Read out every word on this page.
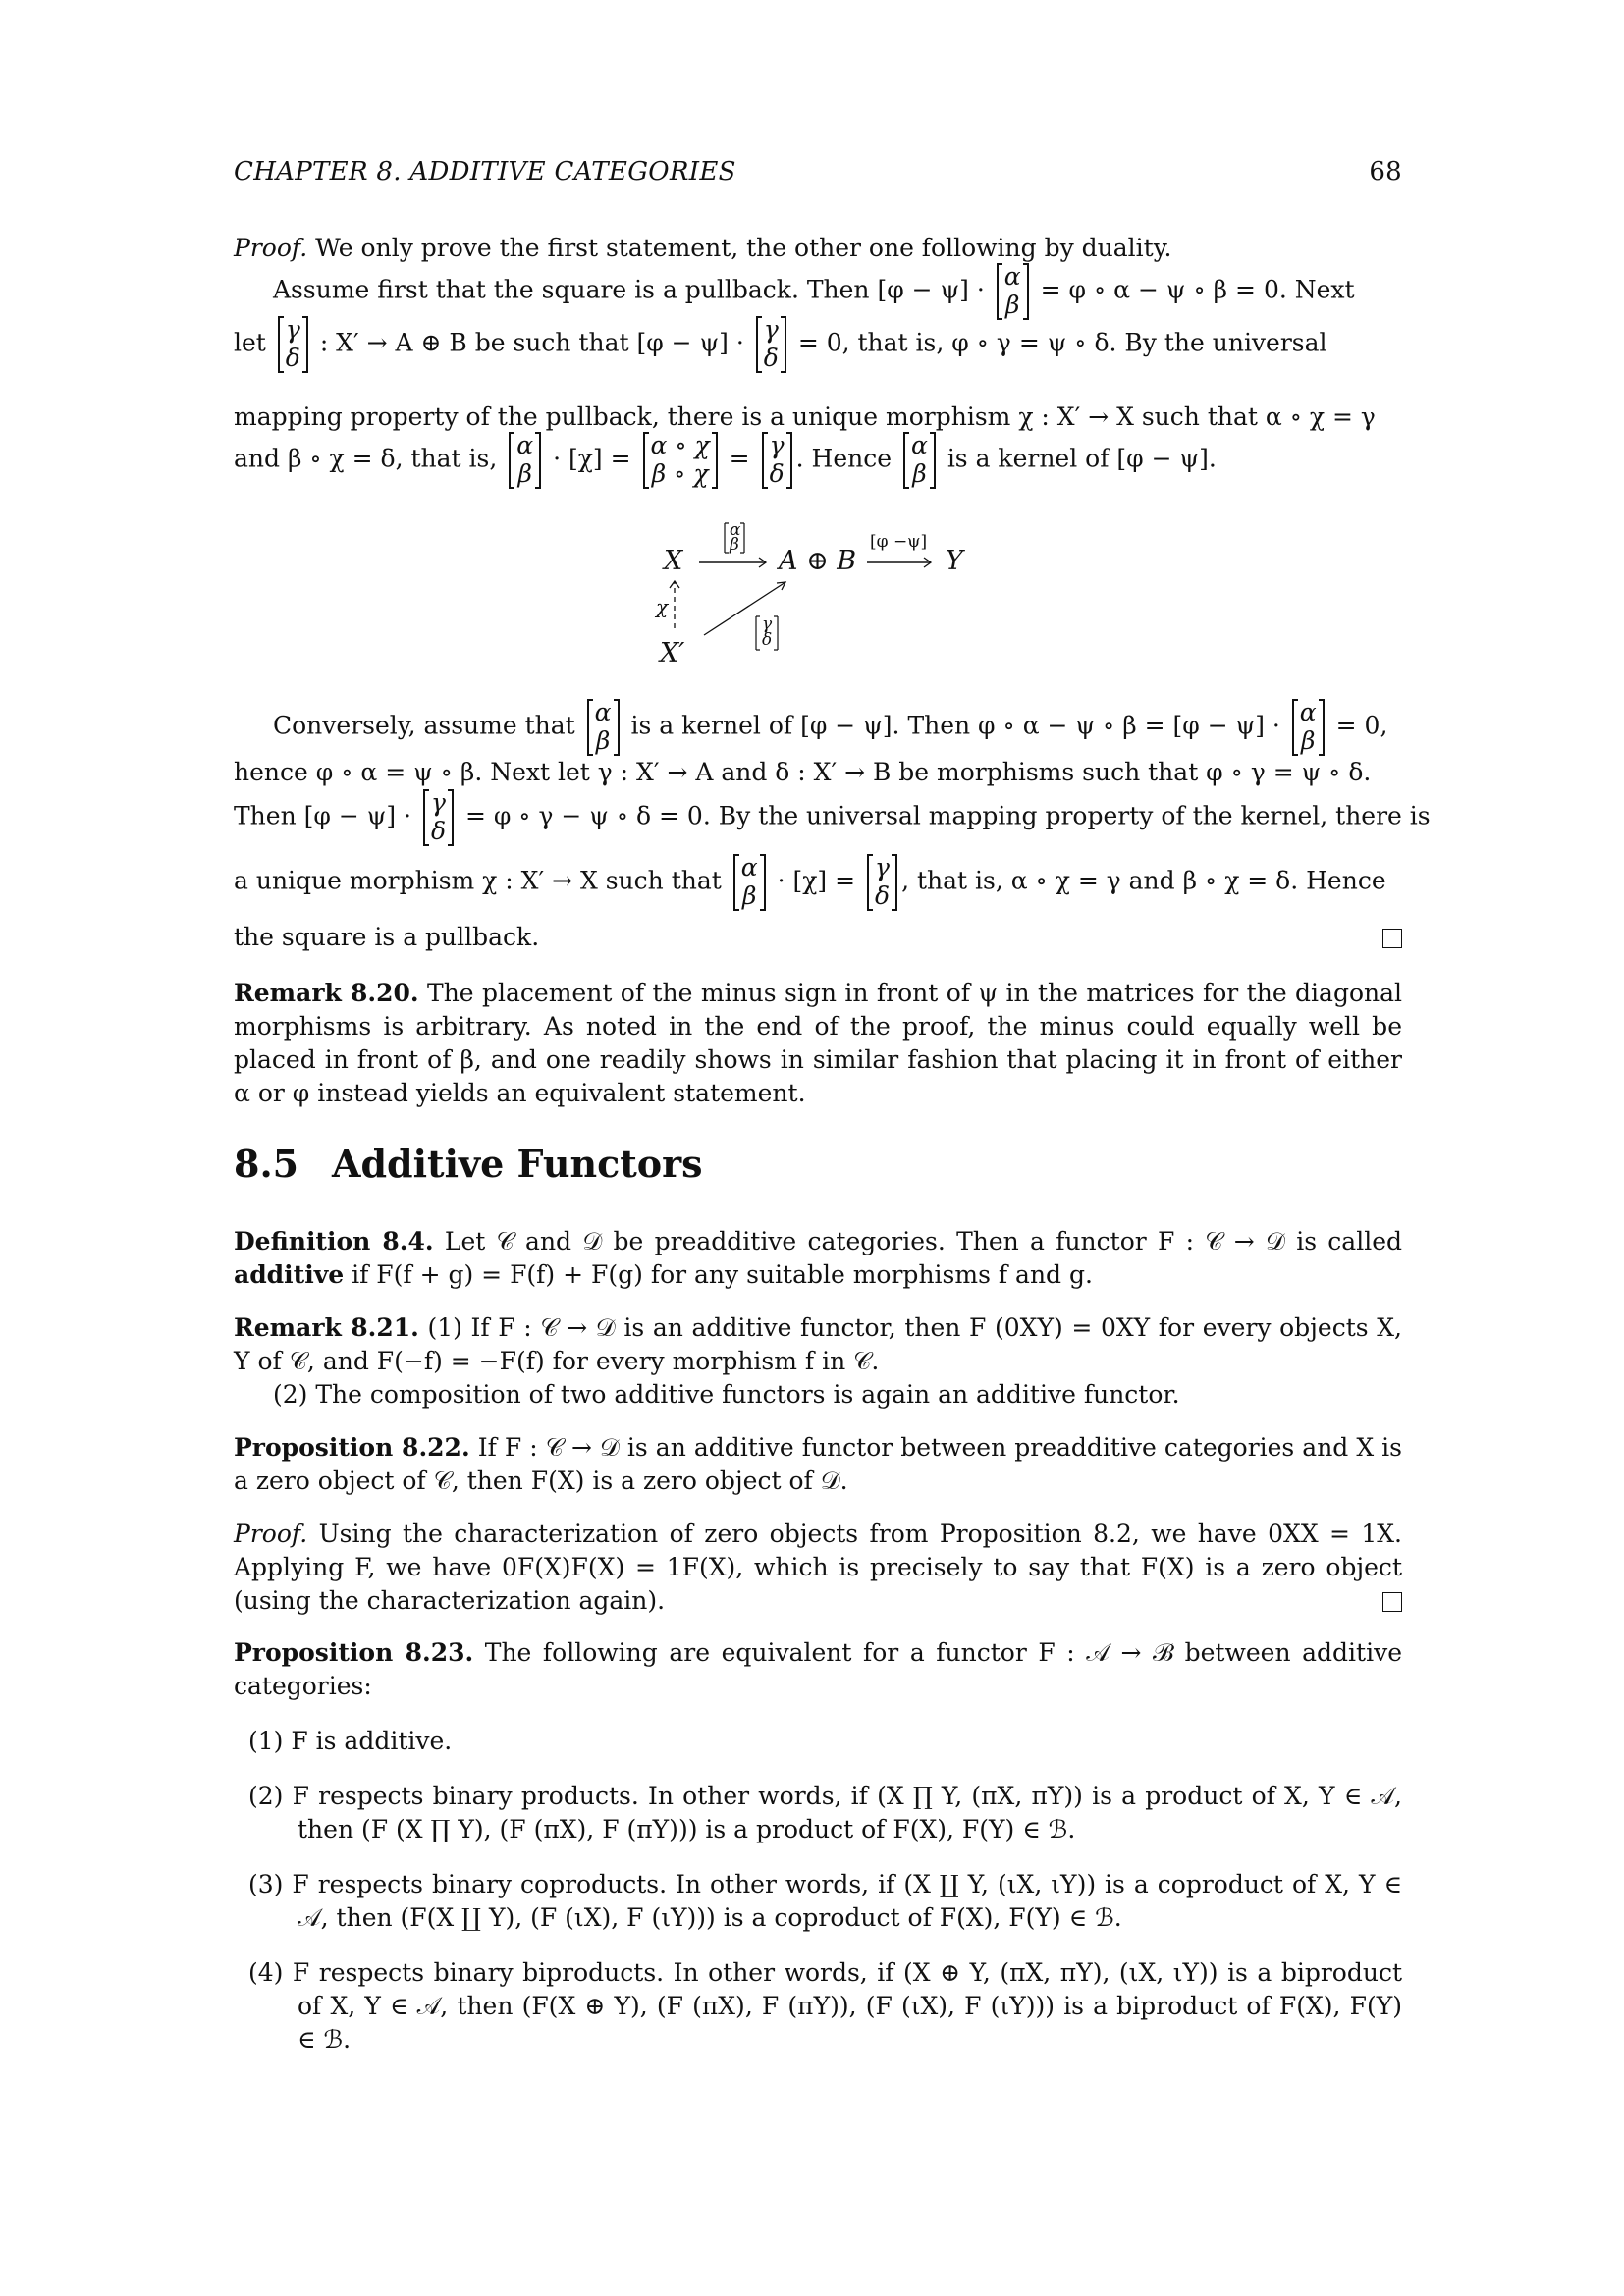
CHAPTER 8. ADDITIVE CATEGORIES	68
Proof. We only prove the first statement, the other one following by duality.
Assume first that the square is a pullback. Then [φ − ψ] · α
β
= φ ∘ α − ψ ∘ β = 0. Next
let γ
δ
: X′ → A ⊕ B be such that [φ − ψ] · γ
δ
= 0, that is, φ ∘ γ = ψ ∘ δ. By the universal
mapping property of the pullback, there is a unique morphism χ : X′ → X such that α ∘ χ = γ
and β ∘ χ = δ, that is, α
β
· [χ] = α ∘ χ
β ∘ χ
= γ
δ
. Hence α
β
is a kernel of [φ − ψ].
X	A ⊕ B	Y
X′
χ
α
β	[φ −ψ]
γ
δ
Conversely, assume that α
β
is a kernel of [φ − ψ]. Then φ ∘ α − ψ ∘ β = [φ − ψ] · α
β
= 0,
hence φ ∘ α = ψ ∘ β. Next let γ : X′ → A and δ : X′ → B be morphisms such that φ ∘ γ = ψ ∘ δ.
Then [φ − ψ] · γ
δ
= φ ∘ γ − ψ ∘ δ = 0. By the universal mapping property of the kernel, there is
a unique morphism χ : X′ → X such that α
β
· [χ] = γ
δ
, that is, α ∘ χ = γ and β ∘ χ = δ. Hence
the square is a pullback.
Remark 8.20. The placement of the minus sign in front of ψ in the matrices for the diagonal morphisms is arbitrary. As noted in the end of the proof, the minus could equally well be placed in front of β, and one readily shows in similar fashion that placing it in front of either α or φ instead yields an equivalent statement.
8.5 Additive Functors
Definition 8.4. Let 𝒞 and 𝒟 be preadditive categories. Then a functor F : 𝒞 → 𝒟 is called additive if F(f + g) = F(f) + F(g) for any suitable morphisms f and g.
Remark 8.21. (1) If F : 𝒞 → 𝒟 is an additive functor, then F (0XY) = 0XY for every objects X, Y of 𝒞, and F(−f) = −F(f) for every morphism f in 𝒞.
(2) The composition of two additive functors is again an additive functor.
Proposition 8.22. If F : 𝒞 → 𝒟 is an additive functor between preadditive categories and X is a zero object of 𝒞, then F(X) is a zero object of 𝒟.
Proof. Using the characterization of zero objects from Proposition 8.2, we have 0XX = 1X. Applying F, we have 0F(X)F(X) = 1F(X), which is precisely to say that F(X) is a zero object (using the characterization again).
Proposition 8.23. The following are equivalent for a functor F : 𝒜 → ℬ between additive categories:
(1) F is additive.
(2) F respects binary products. In other words, if (X ∏ Y, (πX, πY)) is a product of X, Y ∈ 𝒜, then (F (X ∏ Y), (F (πX), F (πY))) is a product of F(X), F(Y) ∈ ℬ.
(3) F respects binary coproducts. In other words, if (X ∐ Y, (ιX, ιY)) is a coproduct of X, Y ∈ 𝒜, then (F(X ∐ Y), (F (ιX), F (ιY))) is a coproduct of F(X), F(Y) ∈ ℬ.
(4) F respects binary biproducts. In other words, if (X ⊕ Y, (πX, πY), (ιX, ιY)) is a biproduct of X, Y ∈ 𝒜, then (F(X ⊕ Y), (F (πX), F (πY)), (F (ιX), F (ιY))) is a biproduct of F(X), F(Y) ∈ ℬ.
